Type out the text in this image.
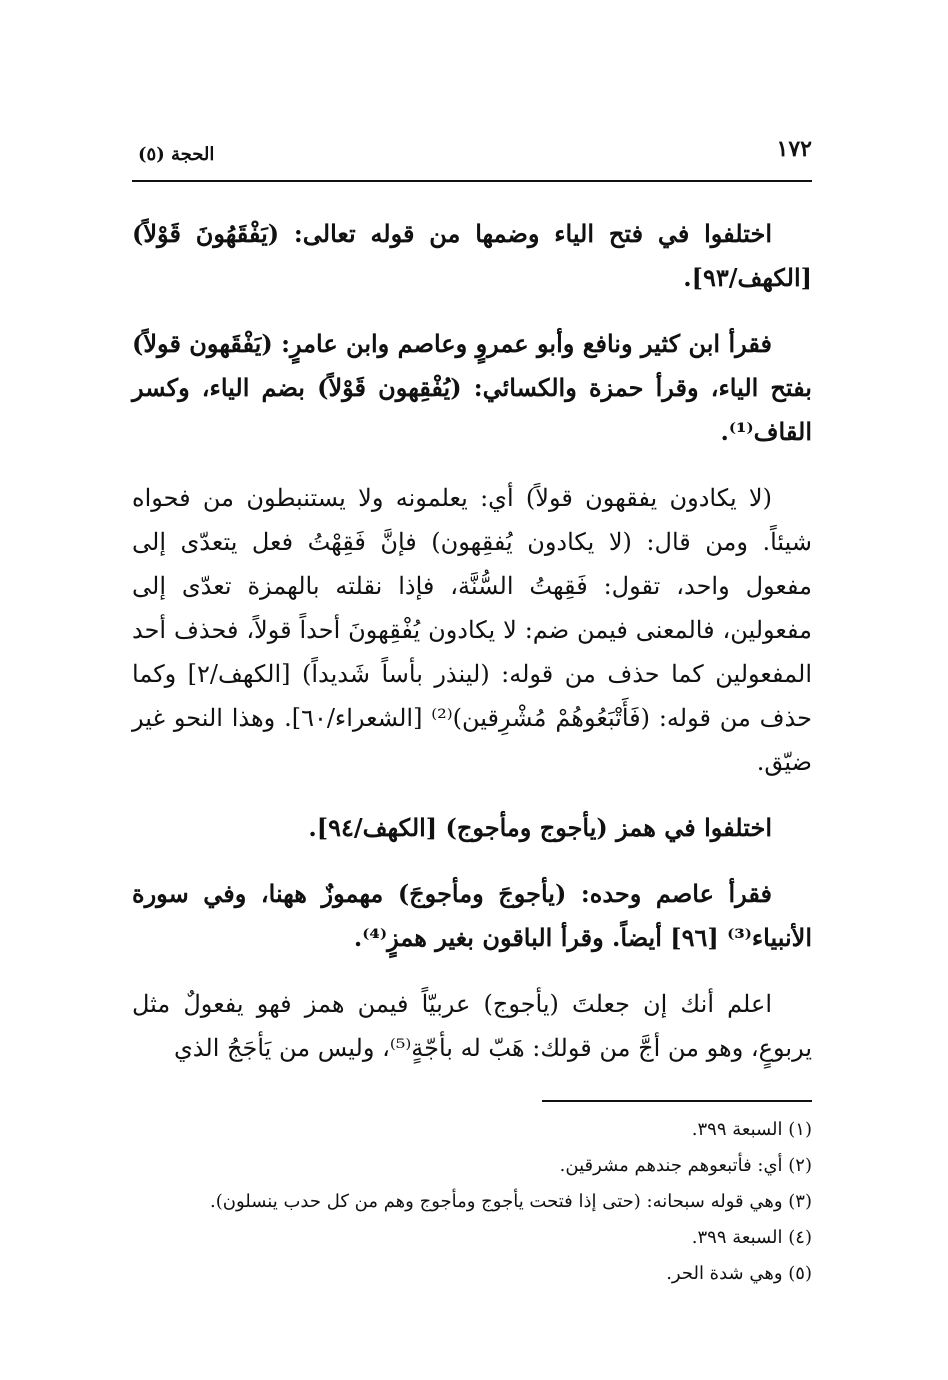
١٧٢
الحجة (٥)

اختلفوا في فتح الياء وضمها من قوله تعالى: (يَفْقَهُونَ قَوْلاً) [الكهف/٩٣].

فقرأ ابن كثير ونافع وأبو عمروٍ وعاصم وابن عامرٍ: (يَفْقَهون قولاً) بفتح الياء، وقرأ حمزة والكسائي: (يُفْقِهون قَوْلاً) بضم الياء، وكسر القاف⁽¹⁾.

(لا يكادون يفقهون قولاً) أي: يعلمونه ولا يستنبطون من فحواه شيئاً. ومن قال: (لا يكادون يُفقِهون) فإنَّ فَقِهْتُ فعل يتعدّى إلى مفعول واحد، تقول: فَقِهتُ السُّنَّة، فإذا نقلته بالهمزة تعدّى إلى مفعولين، فالمعنى فيمن ضم: لا يكادون يُفْقِهونَ أحداً قولاً، فحذف أحد المفعولين كما حذف من قوله: (لينذر بأساً شَديداً) [الكهف/٢] وكما حذف من قوله: (فَأَتْبَعُوهُمْ مُشْرِقين)⁽²⁾ [الشعراء/٦٠]. وهذا النحو غير ضيّق.

اختلفوا في همز (يأجوج ومأجوج) [الكهف/٩٤].

فقرأ عاصم وحده: (يأجوجَ ومأجوجَ) مهموزٌ ههنا، وفي سورة الأنبياء⁽³⁾ [٩٦] أيضاً. وقرأ الباقون بغير همزٍ⁽⁴⁾.

اعلم أنك إن جعلتَ (يأجوج) عربيّاً فيمن همز فهو يفعولٌ مثل يربوعٍ، وهو من أجَّ من قولك: هَبّ له بأجّةٍ⁽⁵⁾، وليس من يَأجَجُ الذي

(١) السبعة ٣٩٩.
(٢) أي: فأتبعوهم جندهم مشرقين.
(٣) وهي قوله سبحانه: (حتى إذا فتحت يأجوج ومأجوج وهم من كل حدب ينسلون).
(٤) السبعة ٣٩٩.
(٥) وهي شدة الحر.
